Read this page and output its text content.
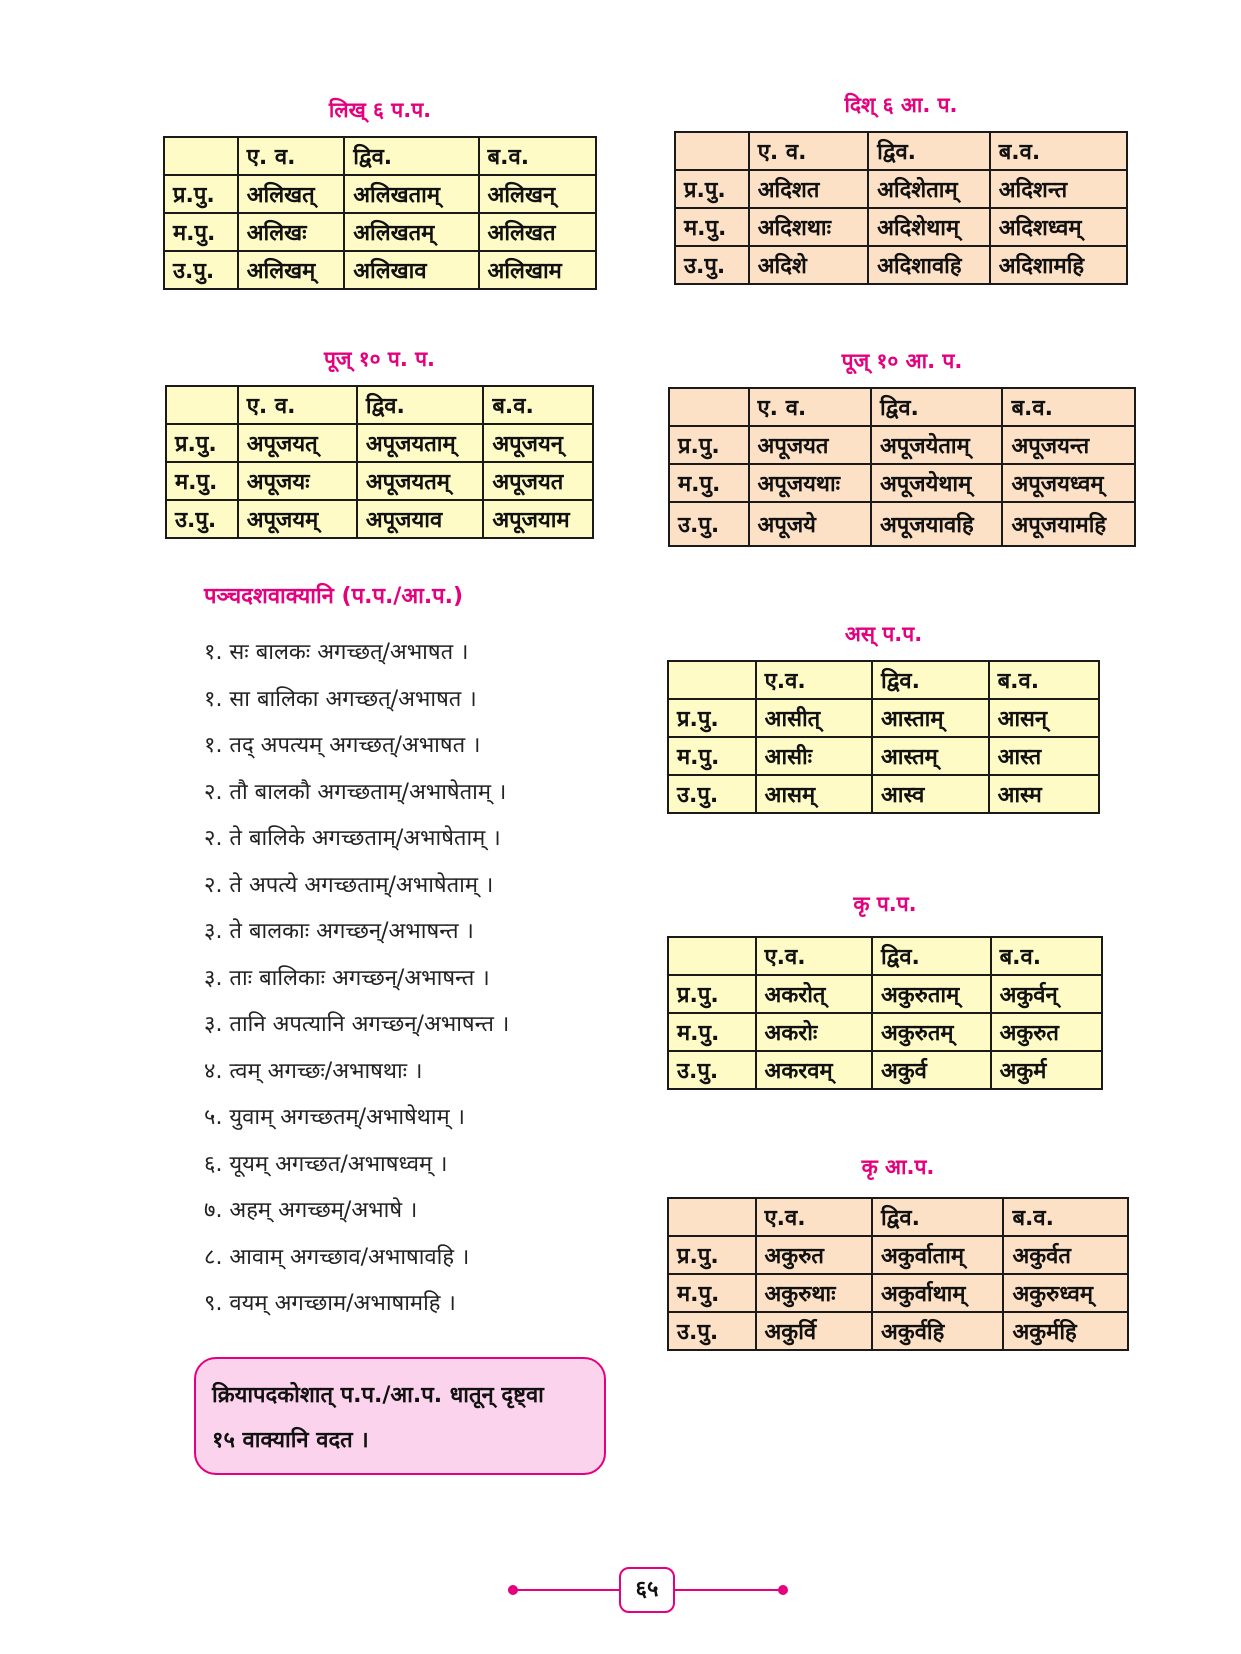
लिख् ६ प.प.
	ए. व.	द्विव.	ब.व.
प्र.पु.	अलिखत्	अलिखताम्	अलिखन्
म.पु.	अलिखः	अलिखतम्	अलिखत
उ.पु.	अलिखम्	अलिखाव	अलिखाम
दिश् ६ आ. प.
	ए. व.	द्विव.	ब.व.
प्र.पु.	अदिशत	अदिशेताम्	अदिशन्त
म.पु.	अदिशथाः	अदिशेथाम्	अदिशध्वम्
उ.पु.	अदिशे	अदिशावहि	अदिशामहि
पूज् १० प. प.
	ए. व.	द्विव.	ब.व.
प्र.पु.	अपूजयत्	अपूजयताम्	अपूजयन्
म.पु.	अपूजयः	अपूजयतम्	अपूजयत
उ.पु.	अपूजयम्	अपूजयाव	अपूजयाम
पूज् १० आ. प.
	ए. व.	द्विव.	ब.व.
प्र.पु.	अपूजयत	अपूजयेताम्	अपूजयन्त
म.पु.	अपूजयथाः	अपूजयेथाम्	अपूजयध्वम्
उ.पु.	अपूजये	अपूजयावहि	अपूजयामहि
अस् प.प.
	ए.व.	द्विव.	ब.व.
प्र.पु.	आसीत्	आस्ताम्	आसन्
म.पु.	आसीः	आस्तम्	आस्त
उ.पु.	आसम्	आस्व	आस्म
कृ प.प.
	ए.व.	द्विव.	ब.व.
प्र.पु.	अकरोत्	अकुरुताम्	अकुर्वन्
म.पु.	अकरोः	अकुरुतम्	अकुरुत
उ.पु.	अकरवम्	अकुर्व	अकुर्म
कृ आ.प.
	ए.व.	द्विव.	ब.व.
प्र.पु.	अकुरुत	अकुर्वाताम्	अकुर्वत
म.पु.	अकुरुथाः	अकुर्वाथाम्	अकुरुध्वम्
उ.पु.	अकुर्वि	अकुर्वहि	अकुर्महि
पञ्चदशवाक्यानि (प.प./आ.प.)
१. सः बालकः अगच्छत्/अभाषत ।
१. सा बालिका अगच्छत्/अभाषत ।
१. तद् अपत्यम् अगच्छत्/अभाषत ।
२. तौ बालकौ अगच्छताम्/अभाषेताम् ।
२. ते बालिके अगच्छताम्/अभाषेताम् ।
२. ते अपत्ये अगच्छताम्/अभाषेताम् ।
३. ते बालकाः अगच्छन्/अभाषन्त ।
३. ताः बालिकाः अगच्छन्/अभाषन्त ।
३. तानि अपत्यानि अगच्छन्/अभाषन्त ।
४. त्वम् अगच्छः/अभाषथाः ।
५. युवाम् अगच्छतम्/अभाषेथाम् ।
६. यूयम् अगच्छत/अभाषध्वम् ।
७. अहम् अगच्छम्/अभाषे ।
८. आवाम् अगच्छाव/अभाषावहि ।
९. वयम् अगच्छाम/अभाषामहि ।
क्रियापदकोशात् प.प./आ.प. धातून् दृष्ट्वा
१५ वाक्यानि वदत ।
६५
